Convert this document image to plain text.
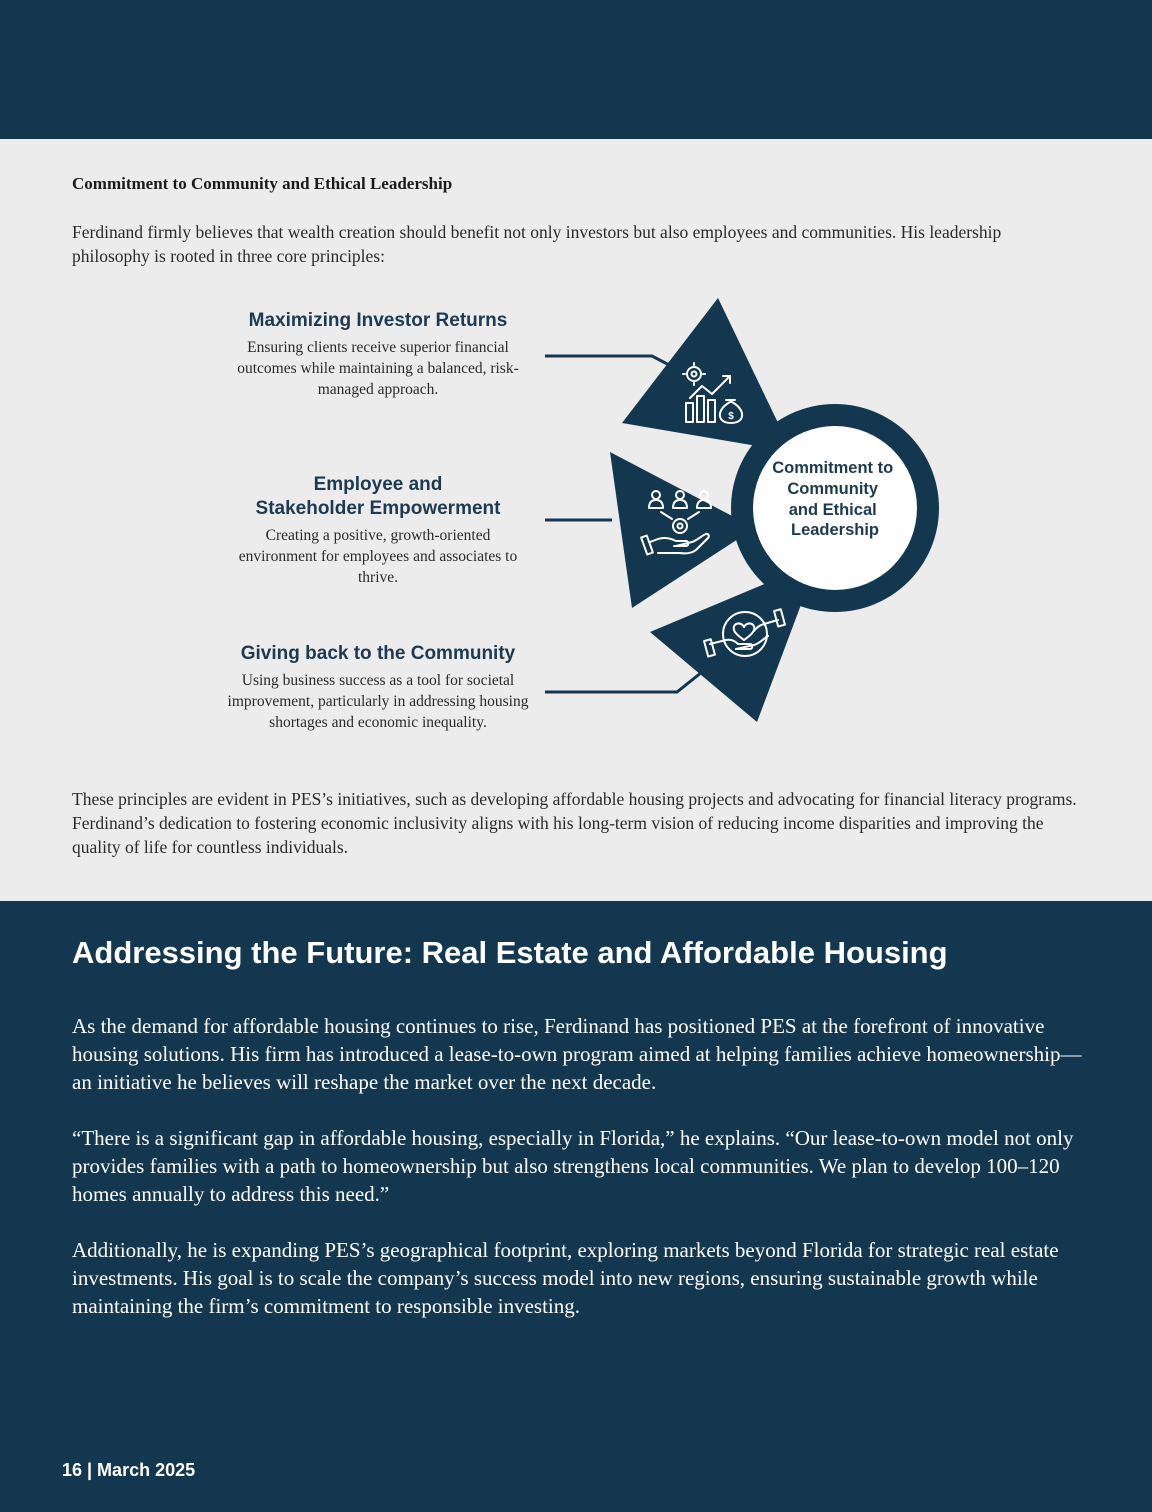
Commitment to Community and Ethical Leadership

Ferdinand firmly believes that wealth creation should benefit not only investors but also employees and communities. His leadership philosophy is rooted in three core principles:

Maximizing Investor Returns

Ensuring clients receive superior financial outcomes while maintaining a balanced, risk-managed approach.

Employee and
Stakeholder Empowerment

Creating a positive, growth-oriented environment for employees and associates to thrive.

Giving back to the Community

Using business success as a tool for societal improvement, particularly in addressing housing shortages and economic inequality.

Commitment to Community and Ethical Leadership
$

These principles are evident in PES’s initiatives, such as developing affordable housing projects and advocating for financial literacy programs. Ferdinand’s dedication to fostering economic inclusivity aligns with his long-term vision of reducing income disparities and improving the quality of life for countless individuals.

Addressing the Future: Real Estate and Affordable Housing

As the demand for affordable housing continues to rise, Ferdinand has positioned PES at the forefront of innovative housing solutions. His firm has introduced a lease-to-own program aimed at helping families achieve homeownership—an initiative he believes will reshape the market over the next decade.

“There is a significant gap in affordable housing, especially in Florida,” he explains. “Our lease-to-own model not only provides families with a path to homeownership but also strengthens local communities. We plan to develop 100–120 homes annually to address this need.”

Additionally, he is expanding PES’s geographical footprint, exploring markets beyond Florida for strategic real estate investments. His goal is to scale the company’s success model into new regions, ensuring sustainable growth while maintaining the firm’s commitment to responsible investing.

16 | March 2025
